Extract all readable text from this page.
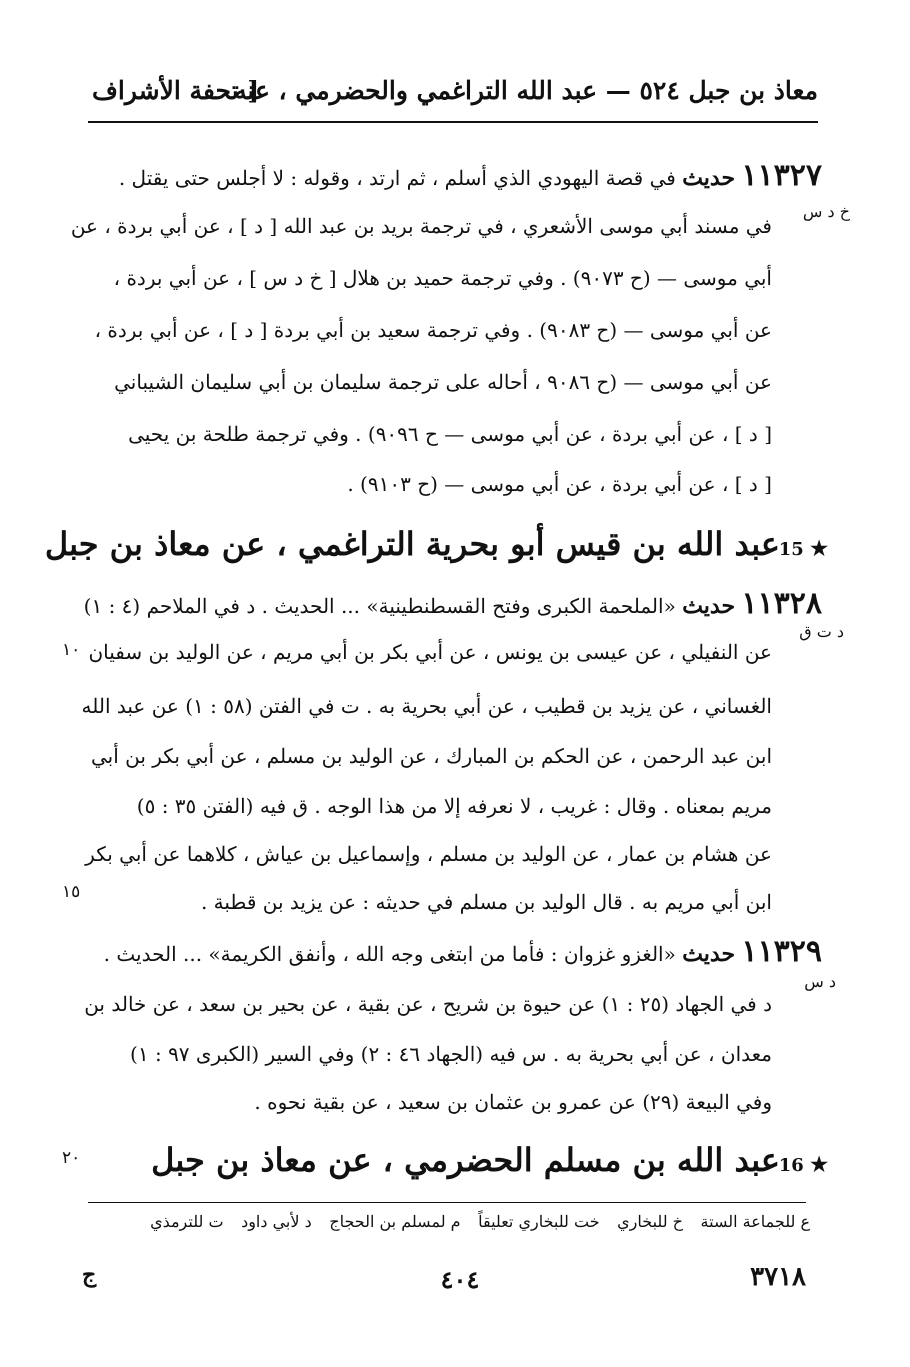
معاذ بن جبل ٥٢٤ — عبد الله التراغمي والحضرمي ، عنه
[ تحفة الأشراف
١١٣٢٧ حديث في قصة اليهودي الذي أسلم ، ثم ارتد ، وقوله : لا أجلس حتى يقتل .
خ د س
في مسند أبي موسى الأشعري ، في ترجمة بريد بن عبد الله [ د ] ، عن أبي بردة ، عن
أبي موسى — (ح ٩٠٧٣) . وفي ترجمة حميد بن هلال [ خ د س ] ، عن أبي بردة ،
عن أبي موسى — (ح ٩٠٨٣) . وفي ترجمة سعيد بن أبي بردة [ د ] ، عن أبي بردة ،
عن أبي موسى — (ح ٩٠٨٦ ، أحاله على ترجمة سليمان بن أبي سليمان الشيباني
[ د ] ، عن أبي بردة ، عن أبي موسى — ح ٩٠٩٦) . وفي ترجمة طلحة بن يحيى
[ د ] ، عن أبي بردة ، عن أبي موسى — (ح ٩١٠٣) .
عبد الله بن قيس أبو بحرية التراغمي ، عن معاذ بن جبل
15 ★
١١٣٢٨ حديث «الملحمة الكبرى وفتح القسطنطينية» ... الحديث . د في الملاحم (٤ : ١)
د ت ق
عن النفيلي ، عن عيسى بن يونس ، عن أبي بكر بن أبي مريم ، عن الوليد بن سفيان
١٠
الغساني ، عن يزيد بن قطيب ، عن أبي بحرية به . ت في الفتن (٥٨ : ١) عن عبد الله
ابن عبد الرحمن ، عن الحكم بن المبارك ، عن الوليد بن مسلم ، عن أبي بكر بن أبي
مريم بمعناه . وقال : غريب ، لا نعرفه إلا من هذا الوجه . ق فيه (الفتن ٣٥ : ٥)
عن هشام بن عمار ، عن الوليد بن مسلم ، وإسماعيل بن عياش ، كلاهما عن أبي بكر
ابن أبي مريم به . قال الوليد بن مسلم في حديثه : عن يزيد بن قطبة .
١٥
١١٣٢٩ حديث «الغزو غزوان : فأما من ابتغى وجه الله ، وأنفق الكريمة» ... الحديث .
د س
د في الجهاد (٢٥ : ١) عن حيوة بن شريح ، عن بقية ، عن بحير بن سعد ، عن خالد بن
معدان ، عن أبي بحرية به . س فيه (الجهاد ٤٦ : ٢) وفي السير (الكبرى ٩٧ : ١)
وفي البيعة (٢٩) عن عمرو بن عثمان بن سعيد ، عن بقية نحوه .
عبد الله بن مسلم الحضرمي ، عن معاذ بن جبل
16 ★
٢٠
ع للجماعة الستة
خ للبخاري
خت للبخاري تعليقاً
م لمسلم بن الحجاج
د لأبي داود
ت للترمذي
٣٧١٨
٤٠٤
ج
